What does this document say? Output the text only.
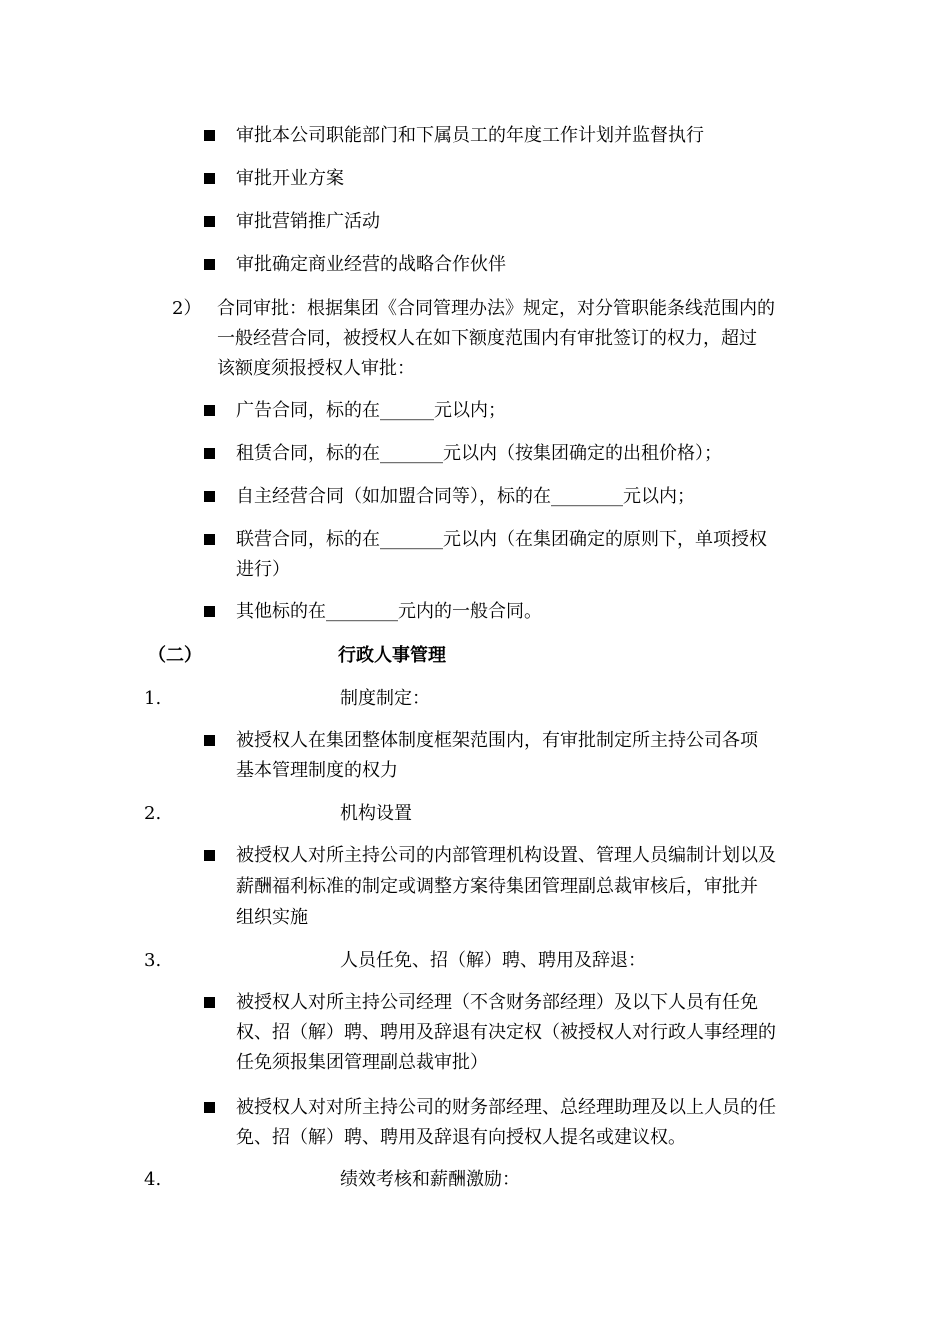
审批本公司职能部门和下属员工的年度工作计划并监督执行
审批开业方案
审批营销推广活动
审批确定商业经营的战略合作伙伴
2） 合同审批：根据集团《合同管理办法》规定，对分管职能条线范围内的
一般经营合同，被授权人在如下额度范围内有审批签订的权力，超过
该额度须报授权人审批：
广告合同，标的在______元以内；
租赁合同，标的在_______元以内（按集团确定的出租价格）；
自主经营合同（如加盟合同等），标的在________元以内；
联营合同，标的在_______元以内（在集团确定的原则下，单项授权
进行）
其他标的在________元内的一般合同。
（二）	行政人事管理
1.	制度制定：
被授权人在集团整体制度框架范围内，有审批制定所主持公司各项
基本管理制度的权力
2.	机构设置
被授权人对所主持公司的内部管理机构设置、管理人员编制计划以及
薪酬福利标准的制定或调整方案待集团管理副总裁审核后，审批并
组织实施
3.	人员任免、招（解）聘、聘用及辞退：
被授权人对所主持公司经理（不含财务部经理）及以下人员有任免
权、招（解）聘、聘用及辞退有决定权（被授权人对行政人事经理的
任免须报集团管理副总裁审批）
被授权人对对所主持公司的财务部经理、总经理助理及以上人员的任
免、招（解）聘、聘用及辞退有向授权人提名或建议权。
4.	绩效考核和薪酬激励：
